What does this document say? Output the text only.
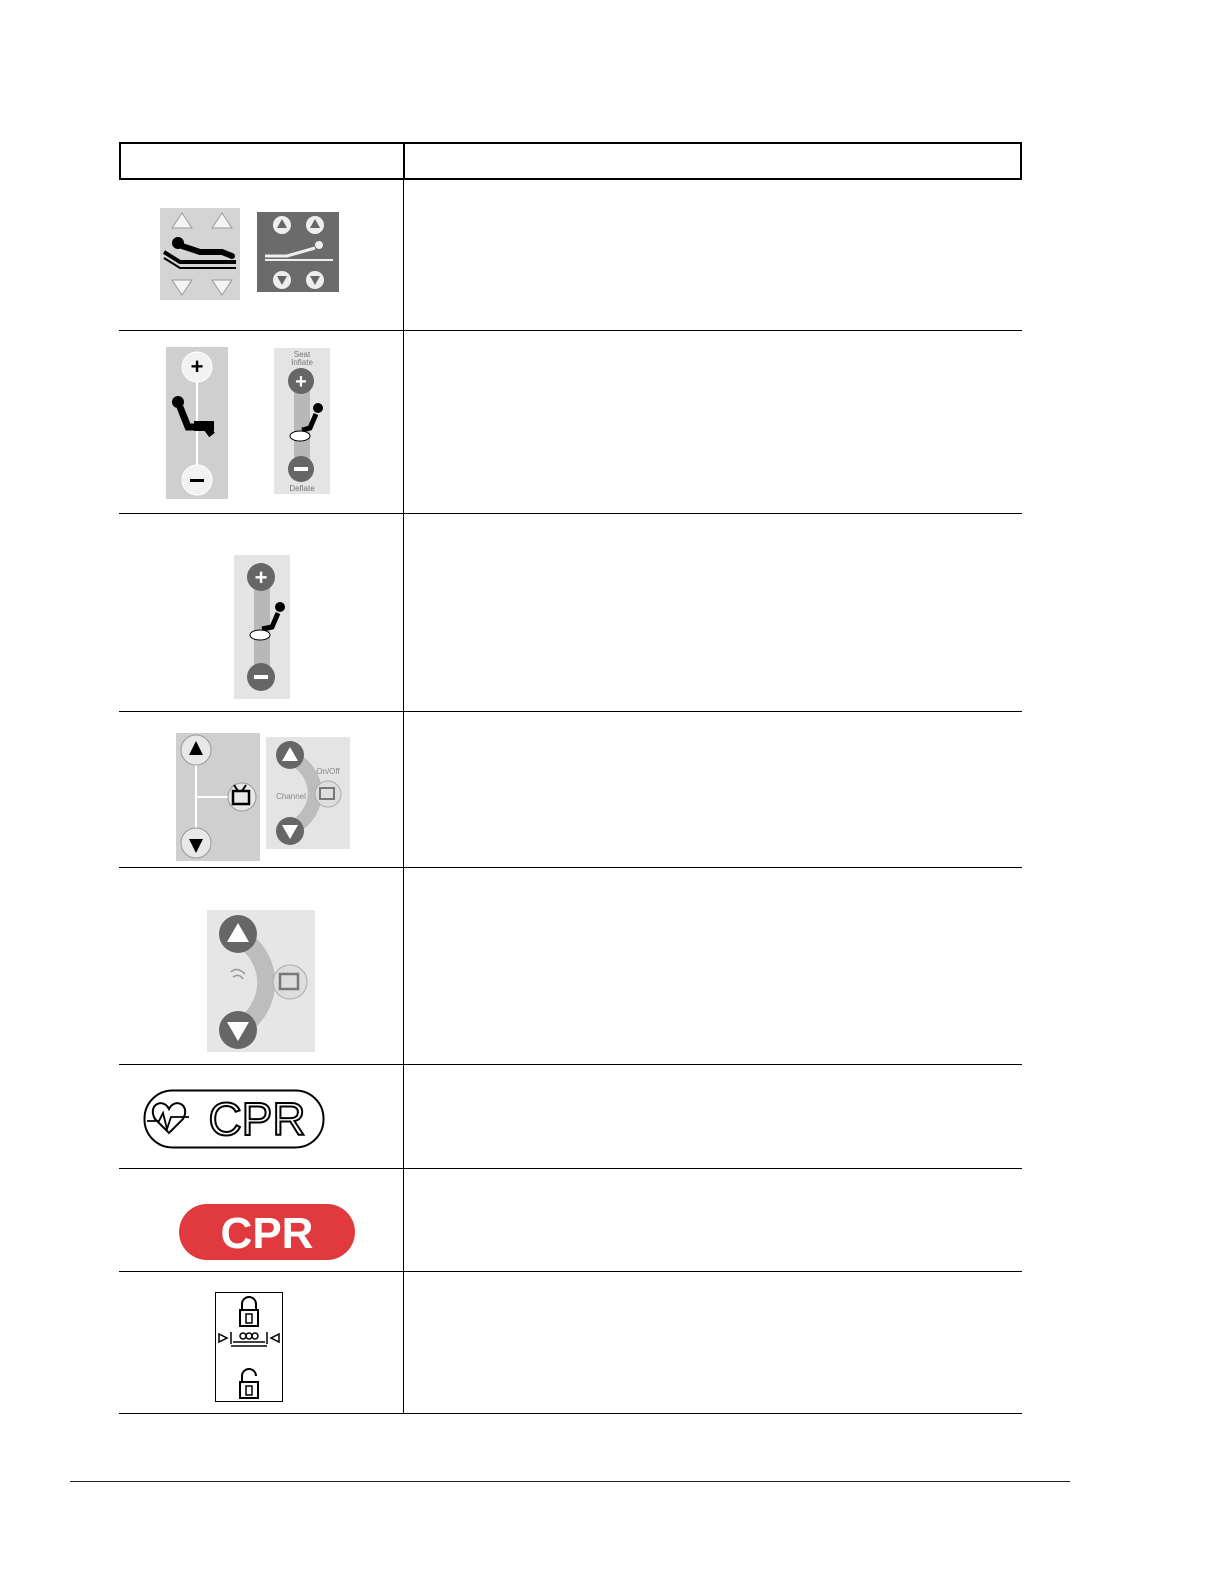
+	Seat
Inflate
+
Deflate
+
On/Off
Channel
CPR
CPR
